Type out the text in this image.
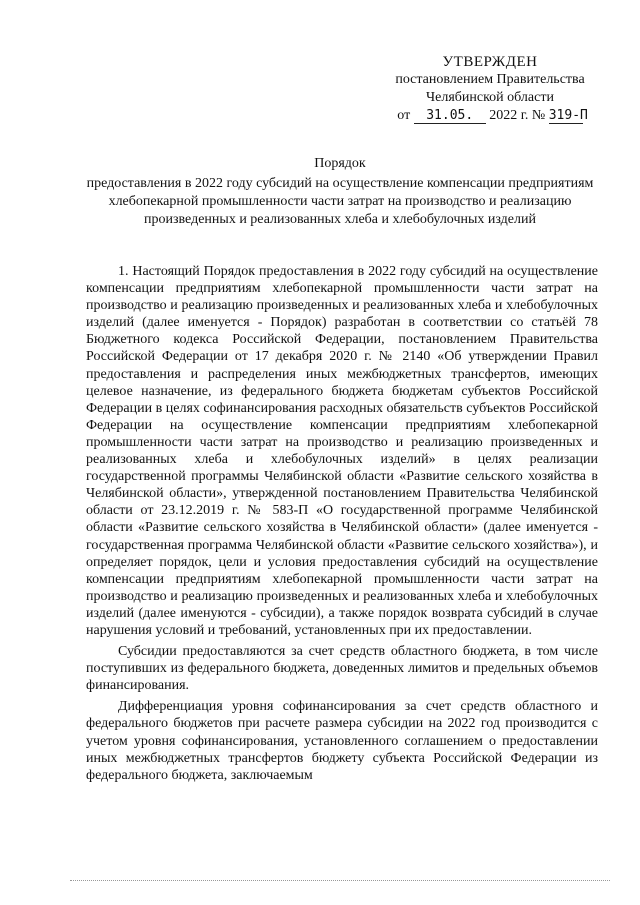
УТВЕРЖДЕН
постановлением Правительства
Челябинской области
от 31.05. 2022 г. № 319-П
Порядок
предоставления в 2022 году субсидий на осуществление компенсации предприятиям хлебопекарной промышленности части затрат на производство и реализацию произведенных и реализованных хлеба и хлебобулочных изделий

1. Настоящий Порядок предоставления в 2022 году субсидий на осуществление компенсации предприятиям хлебопекарной промышленности части затрат на производство и реализацию произведенных и реализованных хлеба и хлебобулочных изделий (далее именуется - Порядок) разработан в соответствии со статьёй 78 Бюджетного кодекса Российской Федерации, постановлением Правительства Российской Федерации от 17 декабря 2020 г. № 2140 «Об утверждении Правил предоставления и распределения иных межбюджетных трансфертов, имеющих целевое назначение, из федерального бюджета бюджетам субъектов Российской Федерации в целях софинансирования расходных обязательств субъектов Российской Федерации на осуществление компенсации предприятиям хлебопекарной промышленности части затрат на производство и реализацию произведенных и реализованных хлеба и хлебобулочных изделий» в целях реализации государственной программы Челябинской области «Развитие сельского хозяйства в Челябинской области», утвержденной постановлением Правительства Челябинской области от 23.12.2019 г. № 583-П «О государственной программе Челябинской области «Развитие сельского хозяйства в Челябинской области» (далее именуется - государственная программа Челябинской области «Развитие сельского хозяйства»), и определяет порядок, цели и условия предоставления субсидий на осуществление компенсации предприятиям хлебопекарной промышленности части затрат на производство и реализацию произведенных и реализованных хлеба и хлебобулочных изделий (далее именуются - субсидии), а также порядок возврата субсидий в случае нарушения условий и требований, установленных при их предоставлении.

Субсидии предоставляются за счет средств областного бюджета, в том числе поступивших из федерального бюджета, доведенных лимитов и предельных объемов финансирования.

Дифференциация уровня софинансирования за счет средств областного и федерального бюджетов при расчете размера субсидии на 2022 год производится с учетом уровня софинансирования, установленного соглашением о предоставлении иных межбюджетных трансфертов бюджету субъекта Российской Федерации из федерального бюджета, заключаемым
